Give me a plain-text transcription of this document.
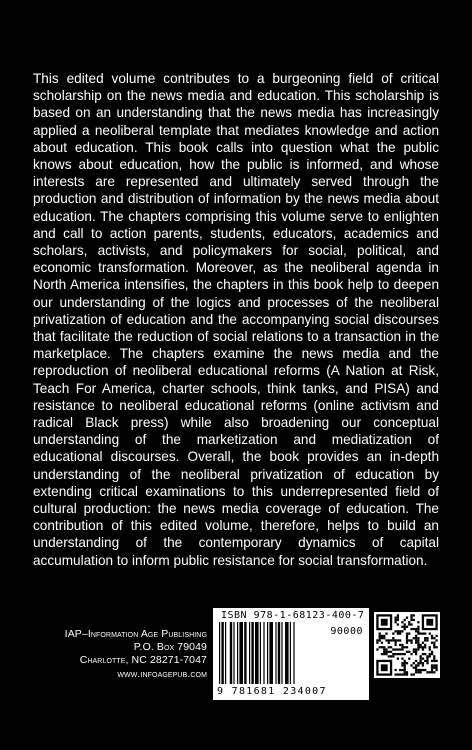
This edited volume contributes to a burgeoning field of critical scholarship on the news media and education. This scholarship is based on an understanding that the news media has increasingly applied a neoliberal template that mediates knowledge and action about education. This book calls into question what the public knows about education, how the public is informed, and whose interests are represented and ultimately served through the production and distribution of information by the news media about education. The chapters comprising this volume serve to enlighten and call to action parents, students, educators, academics and scholars, activists, and policymakers for social, political, and economic transformation. Moreover, as the neoliberal agenda in North America intensifies, the chapters in this book help to deepen our understanding of the logics and processes of the neoliberal privatization of education and the accompanying social discourses that facilitate the reduction of social relations to a transaction in the marketplace. The chapters examine the news media and the reproduction of neoliberal educational reforms (A Nation at Risk, Teach For America, charter schools, think tanks, and PISA) and resistance to neoliberal educational reforms (online activism and radical Black press) while also broadening our conceptual understanding of the marketization and mediatization of educational discourses. Overall, the book provides an in-depth understanding of the neoliberal privatization of education by extending critical examinations to this underrepresented field of cultural production: the news media coverage of education. The contribution of this edited volume, therefore, helps to build an understanding of the contemporary dynamics of capital accumulation to inform public resistance for social transformation.

IAP–Information Age Publishing
P.O. Box 79049
Charlotte, NC 28271-7047
www.infoagepub.com
ISBN 978-1-68123-400-7
90000
9 781681 234007
